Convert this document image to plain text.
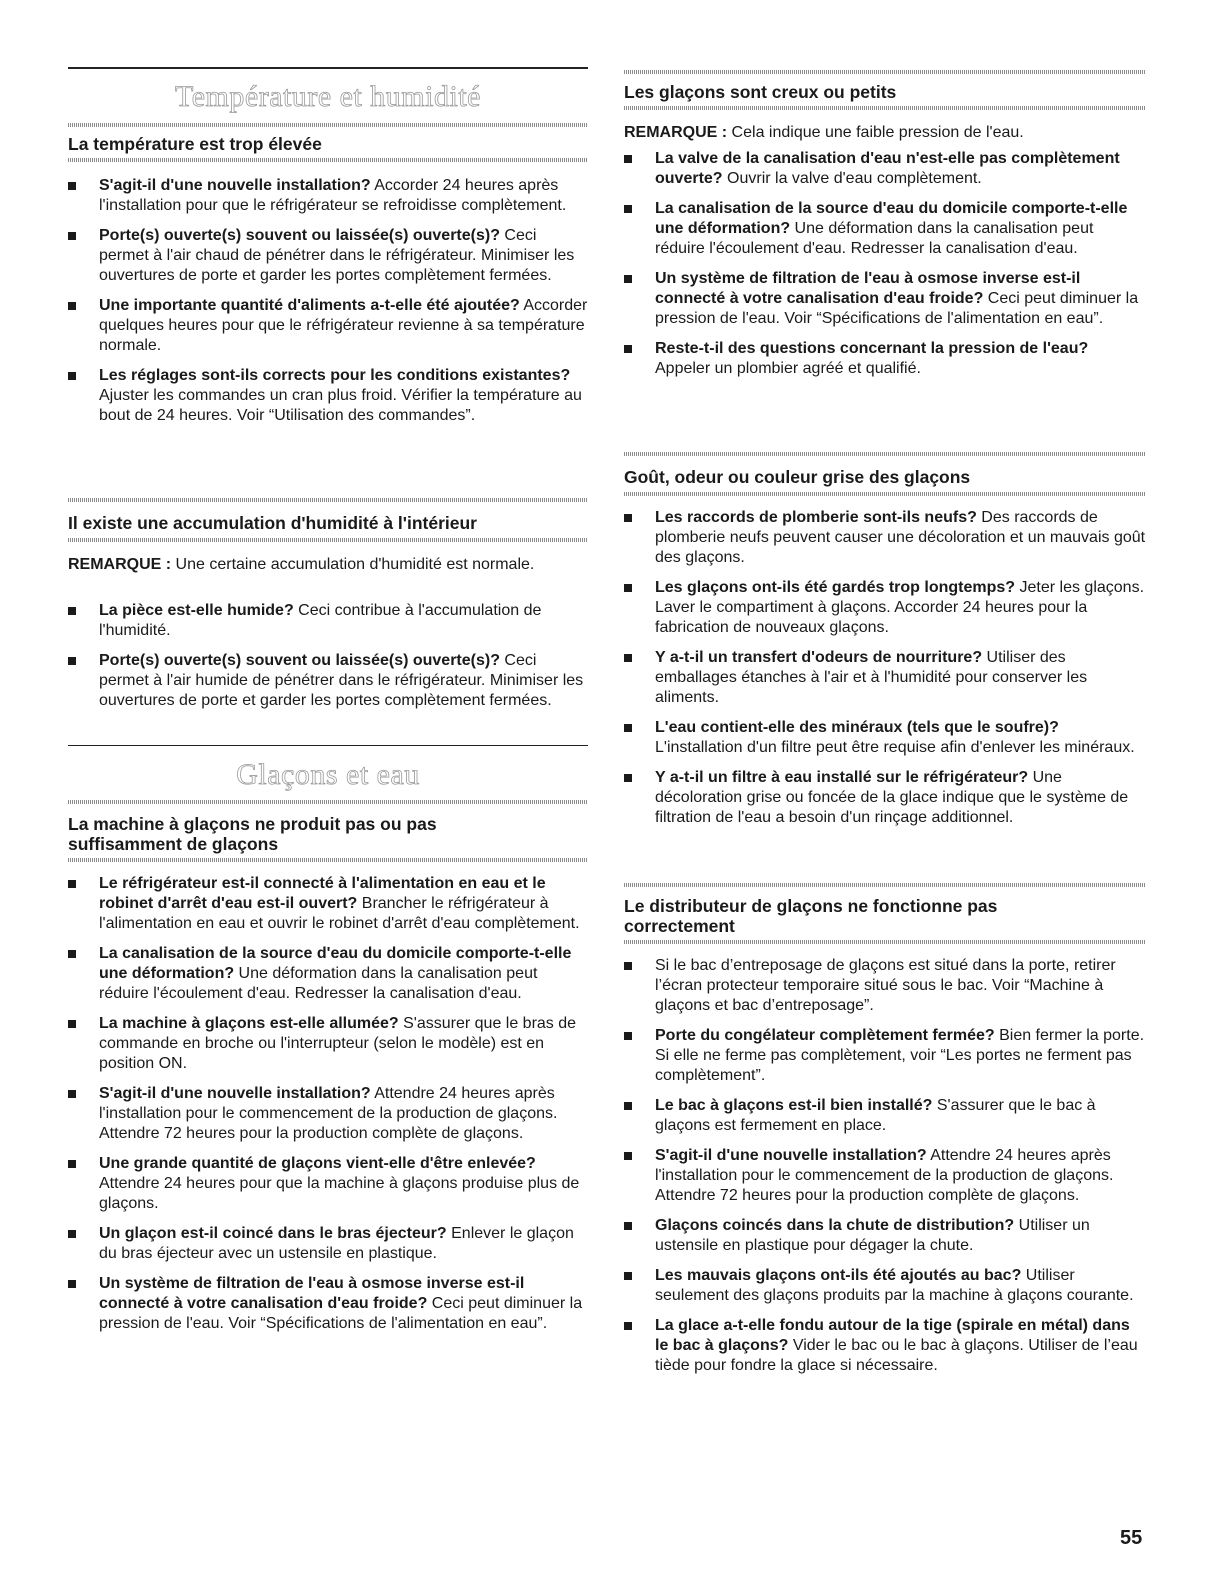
Température et humidité
La température est trop élevée
S'agit-il d'une nouvelle installation? Accorder 24 heures après l'installation pour que le réfrigérateur se refroidisse complètement.
Porte(s) ouverte(s) souvent ou laissée(s) ouverte(s)? Ceci permet à l'air chaud de pénétrer dans le réfrigérateur. Minimiser les ouvertures de porte et garder les portes complètement fermées.
Une importante quantité d'aliments a-t-elle été ajoutée? Accorder quelques heures pour que le réfrigérateur revienne à sa température normale.
Les réglages sont-ils corrects pour les conditions existantes? Ajuster les commandes un cran plus froid. Vérifier la température au bout de 24 heures. Voir “Utilisation des commandes”.
Il existe une accumulation d'humidité à l'intérieur
REMARQUE : Une certaine accumulation d'humidité est normale.
La pièce est-elle humide? Ceci contribue à l'accumulation de l'humidité.
Porte(s) ouverte(s) souvent ou laissée(s) ouverte(s)? Ceci permet à l'air humide de pénétrer dans le réfrigérateur. Minimiser les ouvertures de porte et garder les portes complètement fermées.
Glaçons et eau
La machine à glaçons ne produit pas ou pas
suffisamment de glaçons
Le réfrigérateur est-il connecté à l'alimentation en eau et le robinet d'arrêt d'eau est-il ouvert? Brancher le réfrigérateur à l'alimentation en eau et ouvrir le robinet d'arrêt d'eau complètement.
La canalisation de la source d'eau du domicile comporte-t-elle une déformation? Une déformation dans la canalisation peut réduire l'écoulement d'eau. Redresser la canalisation d'eau.
La machine à glaçons est-elle allumée? S'assurer que le bras de commande en broche ou l'interrupteur (selon le modèle) est en position ON.
S'agit-il d'une nouvelle installation? Attendre 24 heures après l'installation pour le commencement de la production de glaçons. Attendre 72 heures pour la production complète de glaçons.
Une grande quantité de glaçons vient-elle d'être enlevée? Attendre 24 heures pour que la machine à glaçons produise plus de glaçons.
Un glaçon est-il coincé dans le bras éjecteur? Enlever le glaçon du bras éjecteur avec un ustensile en plastique.
Un système de filtration de l'eau à osmose inverse est-il connecté à votre canalisation d'eau froide? Ceci peut diminuer la pression de l'eau. Voir “Spécifications de l'alimentation en eau”.
Les glaçons sont creux ou petits
REMARQUE : Cela indique une faible pression de l'eau.
La valve de la canalisation d'eau n'est-elle pas complètement ouverte? Ouvrir la valve d'eau complètement.
La canalisation de la source d'eau du domicile comporte-t-elle une déformation? Une déformation dans la canalisation peut réduire l'écoulement d'eau. Redresser la canalisation d'eau.
Un système de filtration de l'eau à osmose inverse est-il connecté à votre canalisation d'eau froide? Ceci peut diminuer la pression de l'eau. Voir “Spécifications de l'alimentation en eau”.
Reste-t-il des questions concernant la pression de l'eau? Appeler un plombier agréé et qualifié.
Goût, odeur ou couleur grise des glaçons
Les raccords de plomberie sont-ils neufs? Des raccords de plomberie neufs peuvent causer une décoloration et un mauvais goût des glaçons.
Les glaçons ont-ils été gardés trop longtemps? Jeter les glaçons. Laver le compartiment à glaçons. Accorder 24 heures pour la fabrication de nouveaux glaçons.
Y a-t-il un transfert d'odeurs de nourriture? Utiliser des emballages étanches à l'air et à l'humidité pour conserver les aliments.
L'eau contient-elle des minéraux (tels que le soufre)? L'installation d'un filtre peut être requise afin d'enlever les minéraux.
Y a-t-il un filtre à eau installé sur le réfrigérateur? Une décoloration grise ou foncée de la glace indique que le système de filtration de l'eau a besoin d'un rinçage additionnel.
Le distributeur de glaçons ne fonctionne pas
correctement
Si le bac d’entreposage de glaçons est situé dans la porte, retirer l’écran protecteur temporaire situé sous le bac. Voir “Machine à glaçons et bac d’entreposage”.
Porte du congélateur complètement fermée? Bien fermer la porte. Si elle ne ferme pas complètement, voir “Les portes ne ferment pas complètement”.
Le bac à glaçons est-il bien installé? S'assurer que le bac à glaçons est fermement en place.
S'agit-il d'une nouvelle installation? Attendre 24 heures après l'installation pour le commencement de la production de glaçons. Attendre 72 heures pour la production complète de glaçons.
Glaçons coincés dans la chute de distribution? Utiliser un ustensile en plastique pour dégager la chute.
Les mauvais glaçons ont-ils été ajoutés au bac? Utiliser seulement des glaçons produits par la machine à glaçons courante.
La glace a-t-elle fondu autour de la tige (spirale en métal) dans le bac à glaçons? Vider le bac ou le bac à glaçons. Utiliser de l’eau tiède pour fondre la glace si nécessaire.
55
